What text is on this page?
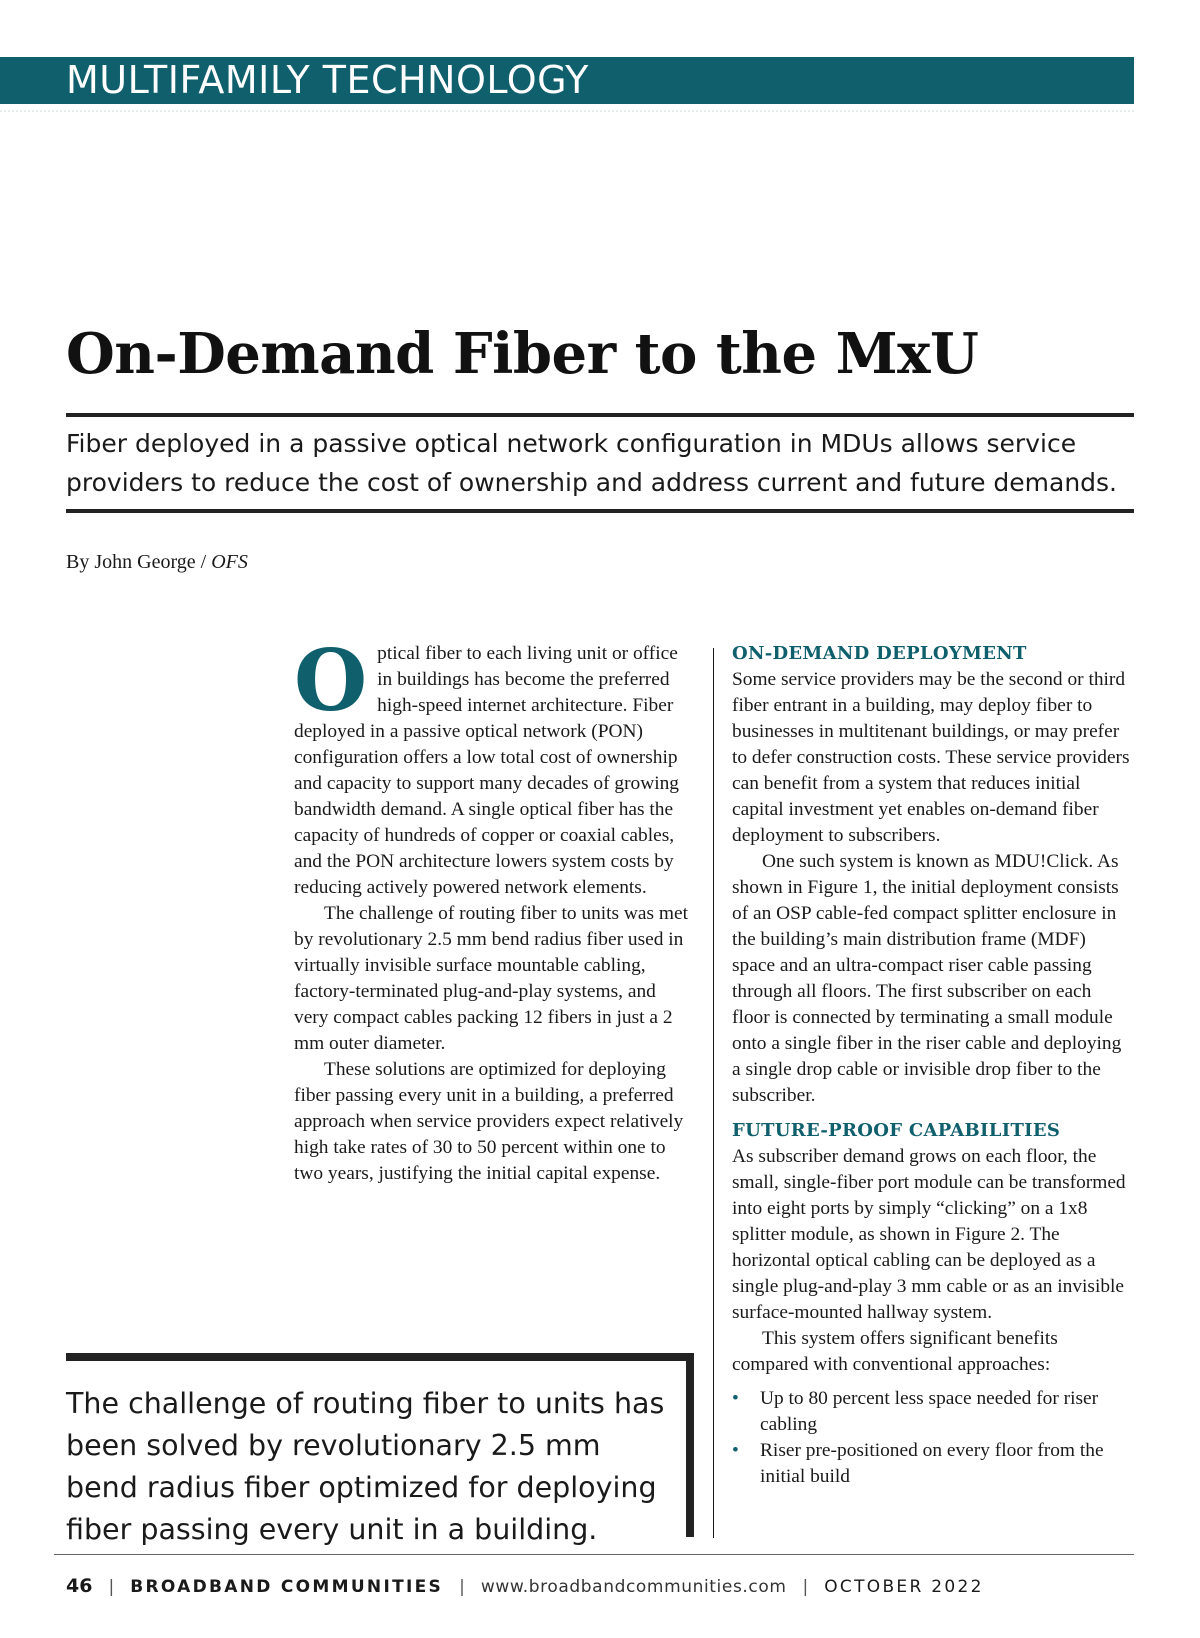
MULTIFAMILY TECHNOLOGY
On-Demand Fiber to the MxU

Fiber deployed in a passive optical network configuration in MDUs allows service providers to reduce the cost of ownership and address current and future demands.

By John George / OFS

Optical fiber to each living unit or office in buildings has become the preferred high-speed internet architecture. Fiber deployed in a passive optical network (PON) configuration offers a low total cost of ownership and capacity to support many decades of growing bandwidth demand. A single optical fiber has the capacity of hundreds of copper or coaxial cables, and the PON architecture lowers system costs by reducing actively powered network elements.

The challenge of routing fiber to units was met by revolutionary 2.5 mm bend radius fiber used in virtually invisible surface mountable cabling, factory-terminated plug-and-play systems, and very compact cables packing 12 fibers in just a 2 mm outer diameter.

These solutions are optimized for deploying fiber passing every unit in a building, a preferred approach when service providers expect relatively high take rates of 30 to 50 percent within one to two years, justifying the initial capital expense.

ON-DEMAND DEPLOYMENT

Some service providers may be the second or third fiber entrant in a building, may deploy fiber to businesses in multitenant buildings, or may prefer to defer construction costs. These service providers can benefit from a system that reduces initial capital investment yet enables on-demand fiber deployment to subscribers.

One such system is known as MDU!Click. As shown in Figure 1, the initial deployment consists of an OSP cable-fed compact splitter enclosure in the building’s main distribution frame (MDF) space and an ultra-compact riser cable passing through all floors. The first subscriber on each floor is connected by terminating a small module onto a single fiber in the riser cable and deploying a single drop cable or invisible drop fiber to the subscriber.

FUTURE-PROOF CAPABILITIES

As subscriber demand grows on each floor, the small, single-fiber port module can be transformed into eight ports by simply “clicking” on a 1x8 splitter module, as shown in Figure 2. The horizontal optical cabling can be deployed as a single plug-and-play 3 mm cable or as an invisible surface-mounted hallway system.

This system offers significant benefits compared with conventional approaches:

• Up to 80 percent less space needed for riser cabling
• Riser pre-positioned on every floor from the initial build

The challenge of routing fiber to units has been solved by revolutionary 2.5 mm bend radius fiber optimized for deploying fiber passing every unit in a building.

46 | BROADBAND COMMUNITIES | www.broadbandcommunities.com | OCTOBER 2022
